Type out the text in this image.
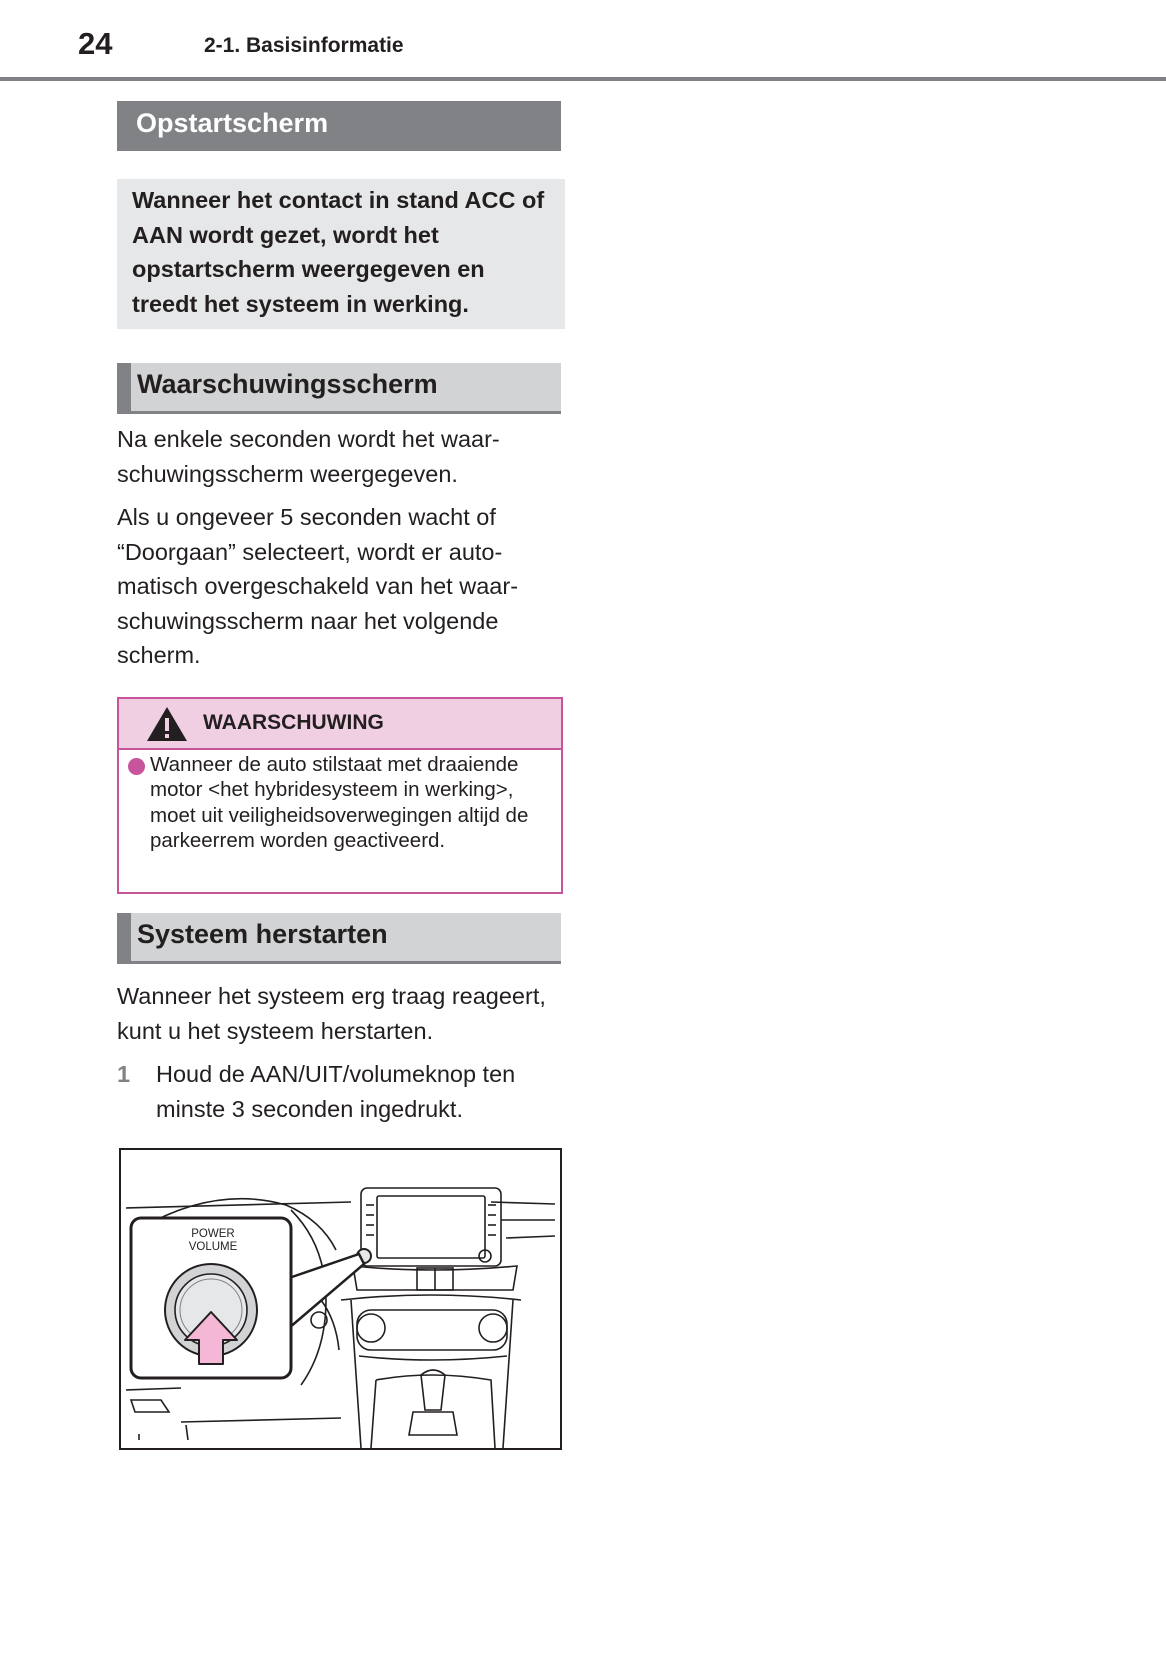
24	2-1. Basisinformatie
Opstartscherm

Wanneer het contact in stand ACC of AAN wordt gezet, wordt het opstartscherm weergegeven en treedt het systeem in werking.

Waarschuwingsscherm

Na enkele seconden wordt het waarschuwingsscherm weergegeven.

Als u ongeveer 5 seconden wacht of “Doorgaan” selecteert, wordt er automatisch overgeschakeld van het waarschuwingsscherm naar het volgende scherm.

WAARSCHUWING

Wanneer de auto stilstaat met draaiende motor <het hybridesysteem in werking>, moet uit veiligheidsoverwegingen altijd de parkeerrem worden geactiveerd.

Systeem herstarten

Wanneer het systeem erg traag reageert, kunt u het systeem herstarten.

1 Houd de AAN/UIT/volumeknop ten minste 3 seconden ingedrukt.

POWER
VOLUME
